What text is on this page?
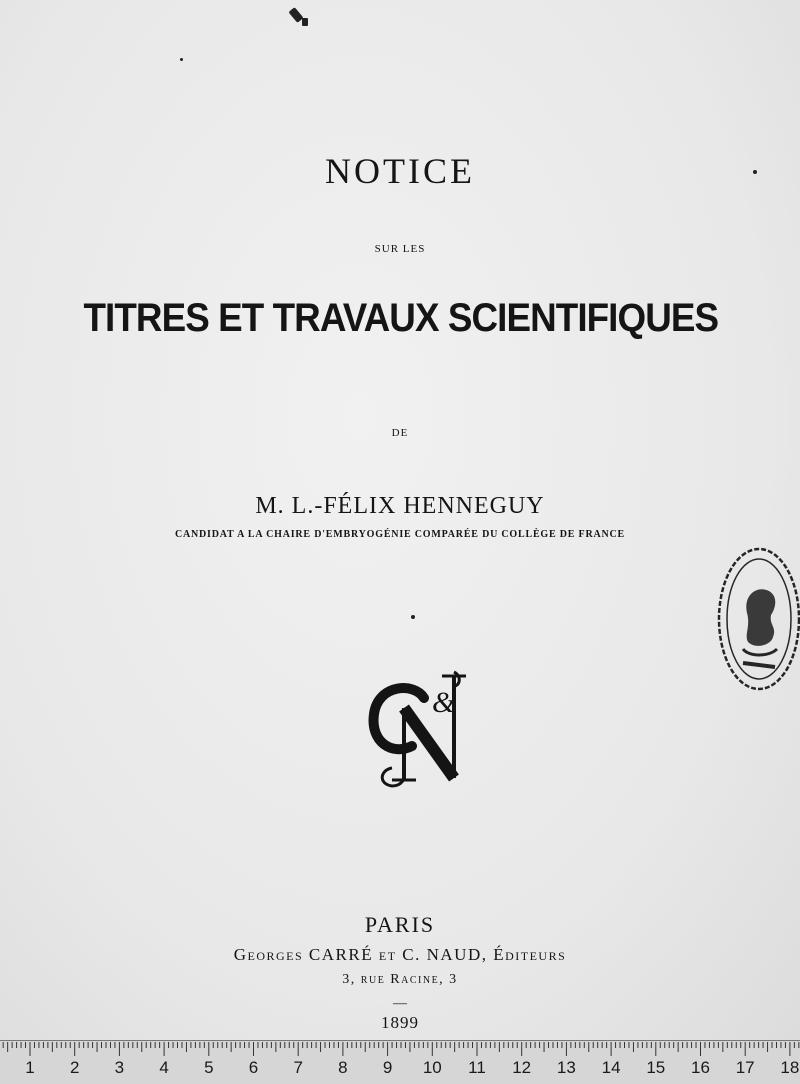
NOTICE
SUR LES
TITRES ET TRAVAUX SCIENTIFIQUES
DE
M. L.-FÉLIX HENNEGUY
CANDIDAT A LA CHAIRE D'EMBRYOGÉNIE COMPARÉE DU COLLÈGE DE FRANCE
&
PARIS
Georges CARRÉ et C. NAUD, Éditeurs
3, rue Racine, 3
—
1899
1	2	3	4	5	6	7	8	9	10 11 12 13 14 15 16 17 18
